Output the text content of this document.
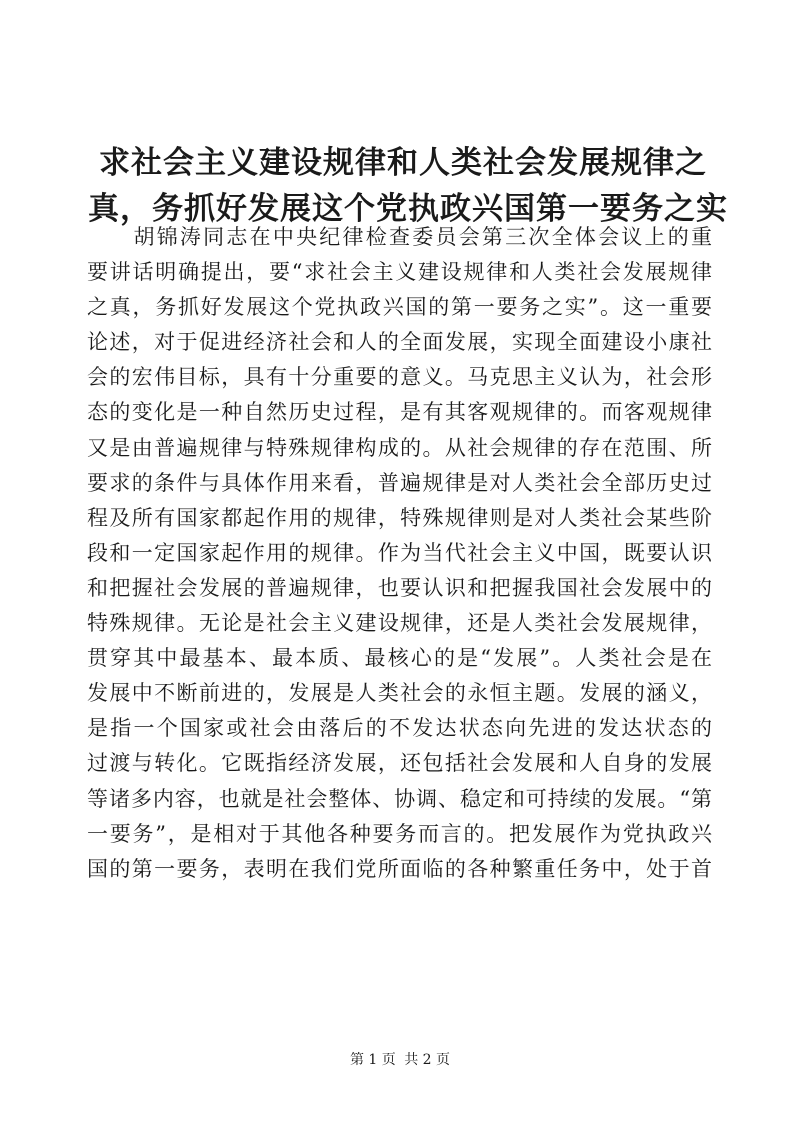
求社会主义建设规律和人类社会发展规律之
真，务抓好发展这个党执政兴国第一要务之实
　　胡锦涛同志在中央纪律检查委员会第三次全体会议上的重
要讲话明确提出，要“求社会主义建设规律和人类社会发展规律
之真，务抓好发展这个党执政兴国的第一要务之实”。这一重要
论述，对于促进经济社会和人的全面发展，实现全面建设小康社
会的宏伟目标，具有十分重要的意义。马克思主义认为，社会形
态的变化是一种自然历史过程，是有其客观规律的。而客观规律
又是由普遍规律与特殊规律构成的。从社会规律的存在范围、所
要求的条件与具体作用来看，普遍规律是对人类社会全部历史过
程及所有国家都起作用的规律，特殊规律则是对人类社会某些阶
段和一定国家起作用的规律。作为当代社会主义中国，既要认识
和把握社会发展的普遍规律，也要认识和把握我国社会发展中的
特殊规律。无论是社会主义建设规律，还是人类社会发展规律，
贯穿其中最基本、最本质、最核心的是“发展”。人类社会是在
发展中不断前进的，发展是人类社会的永恒主题。发展的涵义，
是指一个国家或社会由落后的不发达状态向先进的发达状态的
过渡与转化。它既指经济发展，还包括社会发展和人自身的发展
等诸多内容，也就是社会整体、协调、稳定和可持续的发展。“第
一要务”，是相对于其他各种要务而言的。把发展作为党执政兴
国的第一要务，表明在我们党所面临的各种繁重任务中，处于首
第 1 页 共 2 页
